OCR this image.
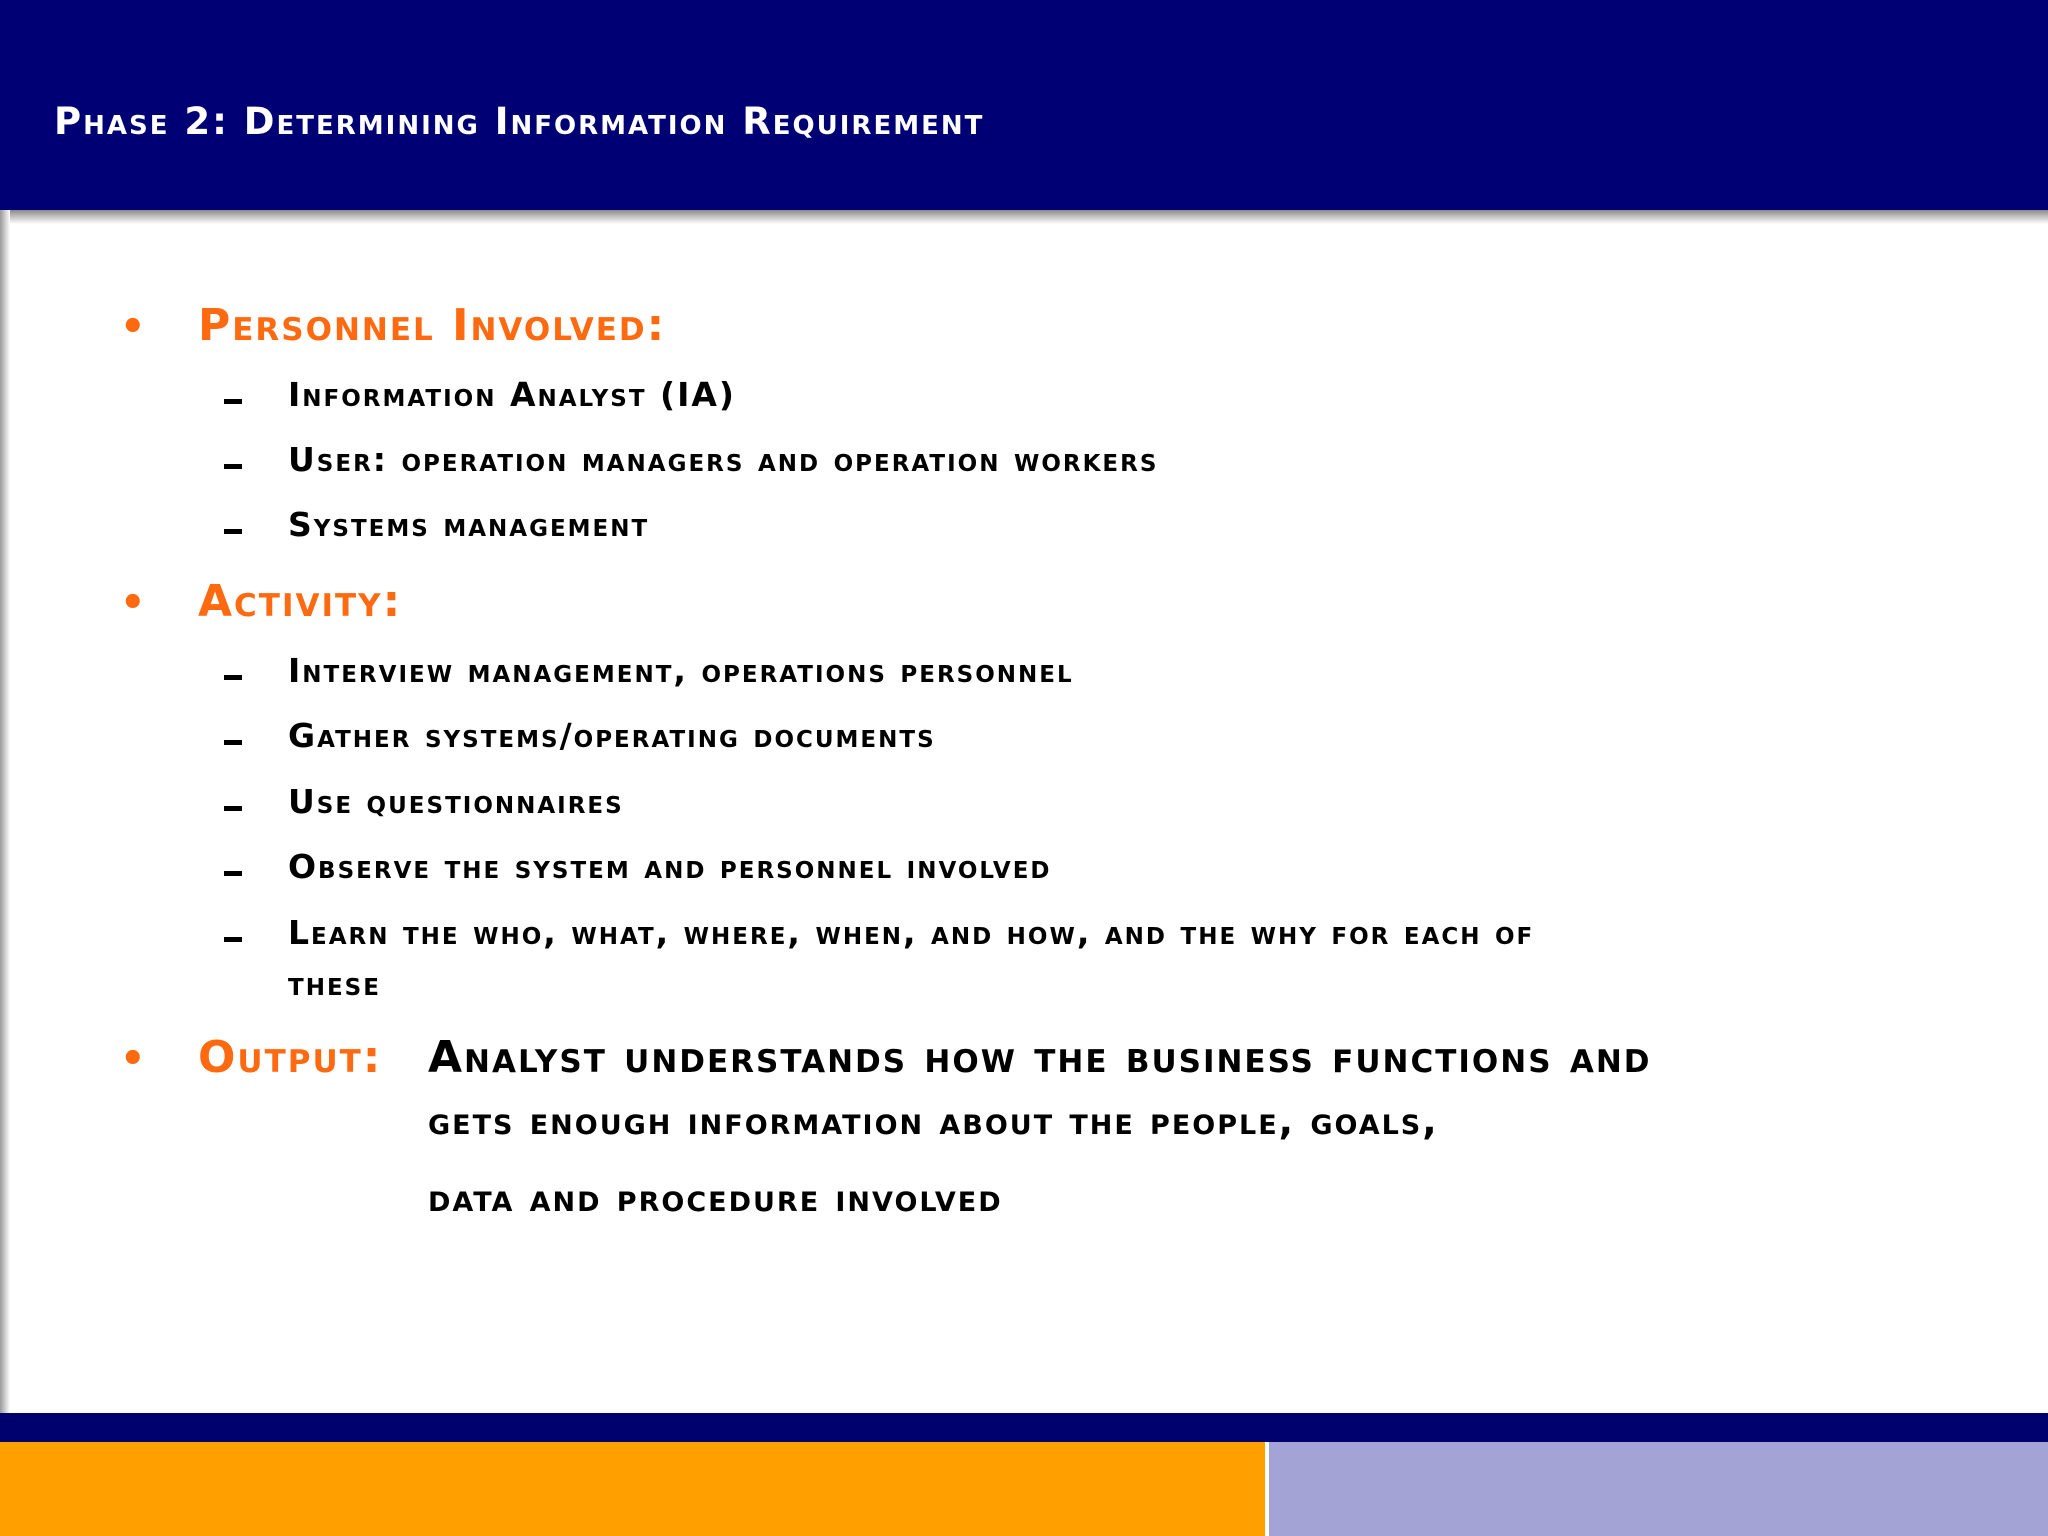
Phase 2: Determining Information Requirement
• Personnel Involved:
Information Analyst (IA)
User: operation managers and operation workers
Systems management
• Activity:
Interview management, operations personnel
Gather systems/operating documents
Use questionnaires
Observe the system and personnel involved
Learn the who, what, where, when, and how, and the why for each of
these
• Output: Analyst understands how the business functions and
gets enough information about the people, goals,
data and procedure involved
